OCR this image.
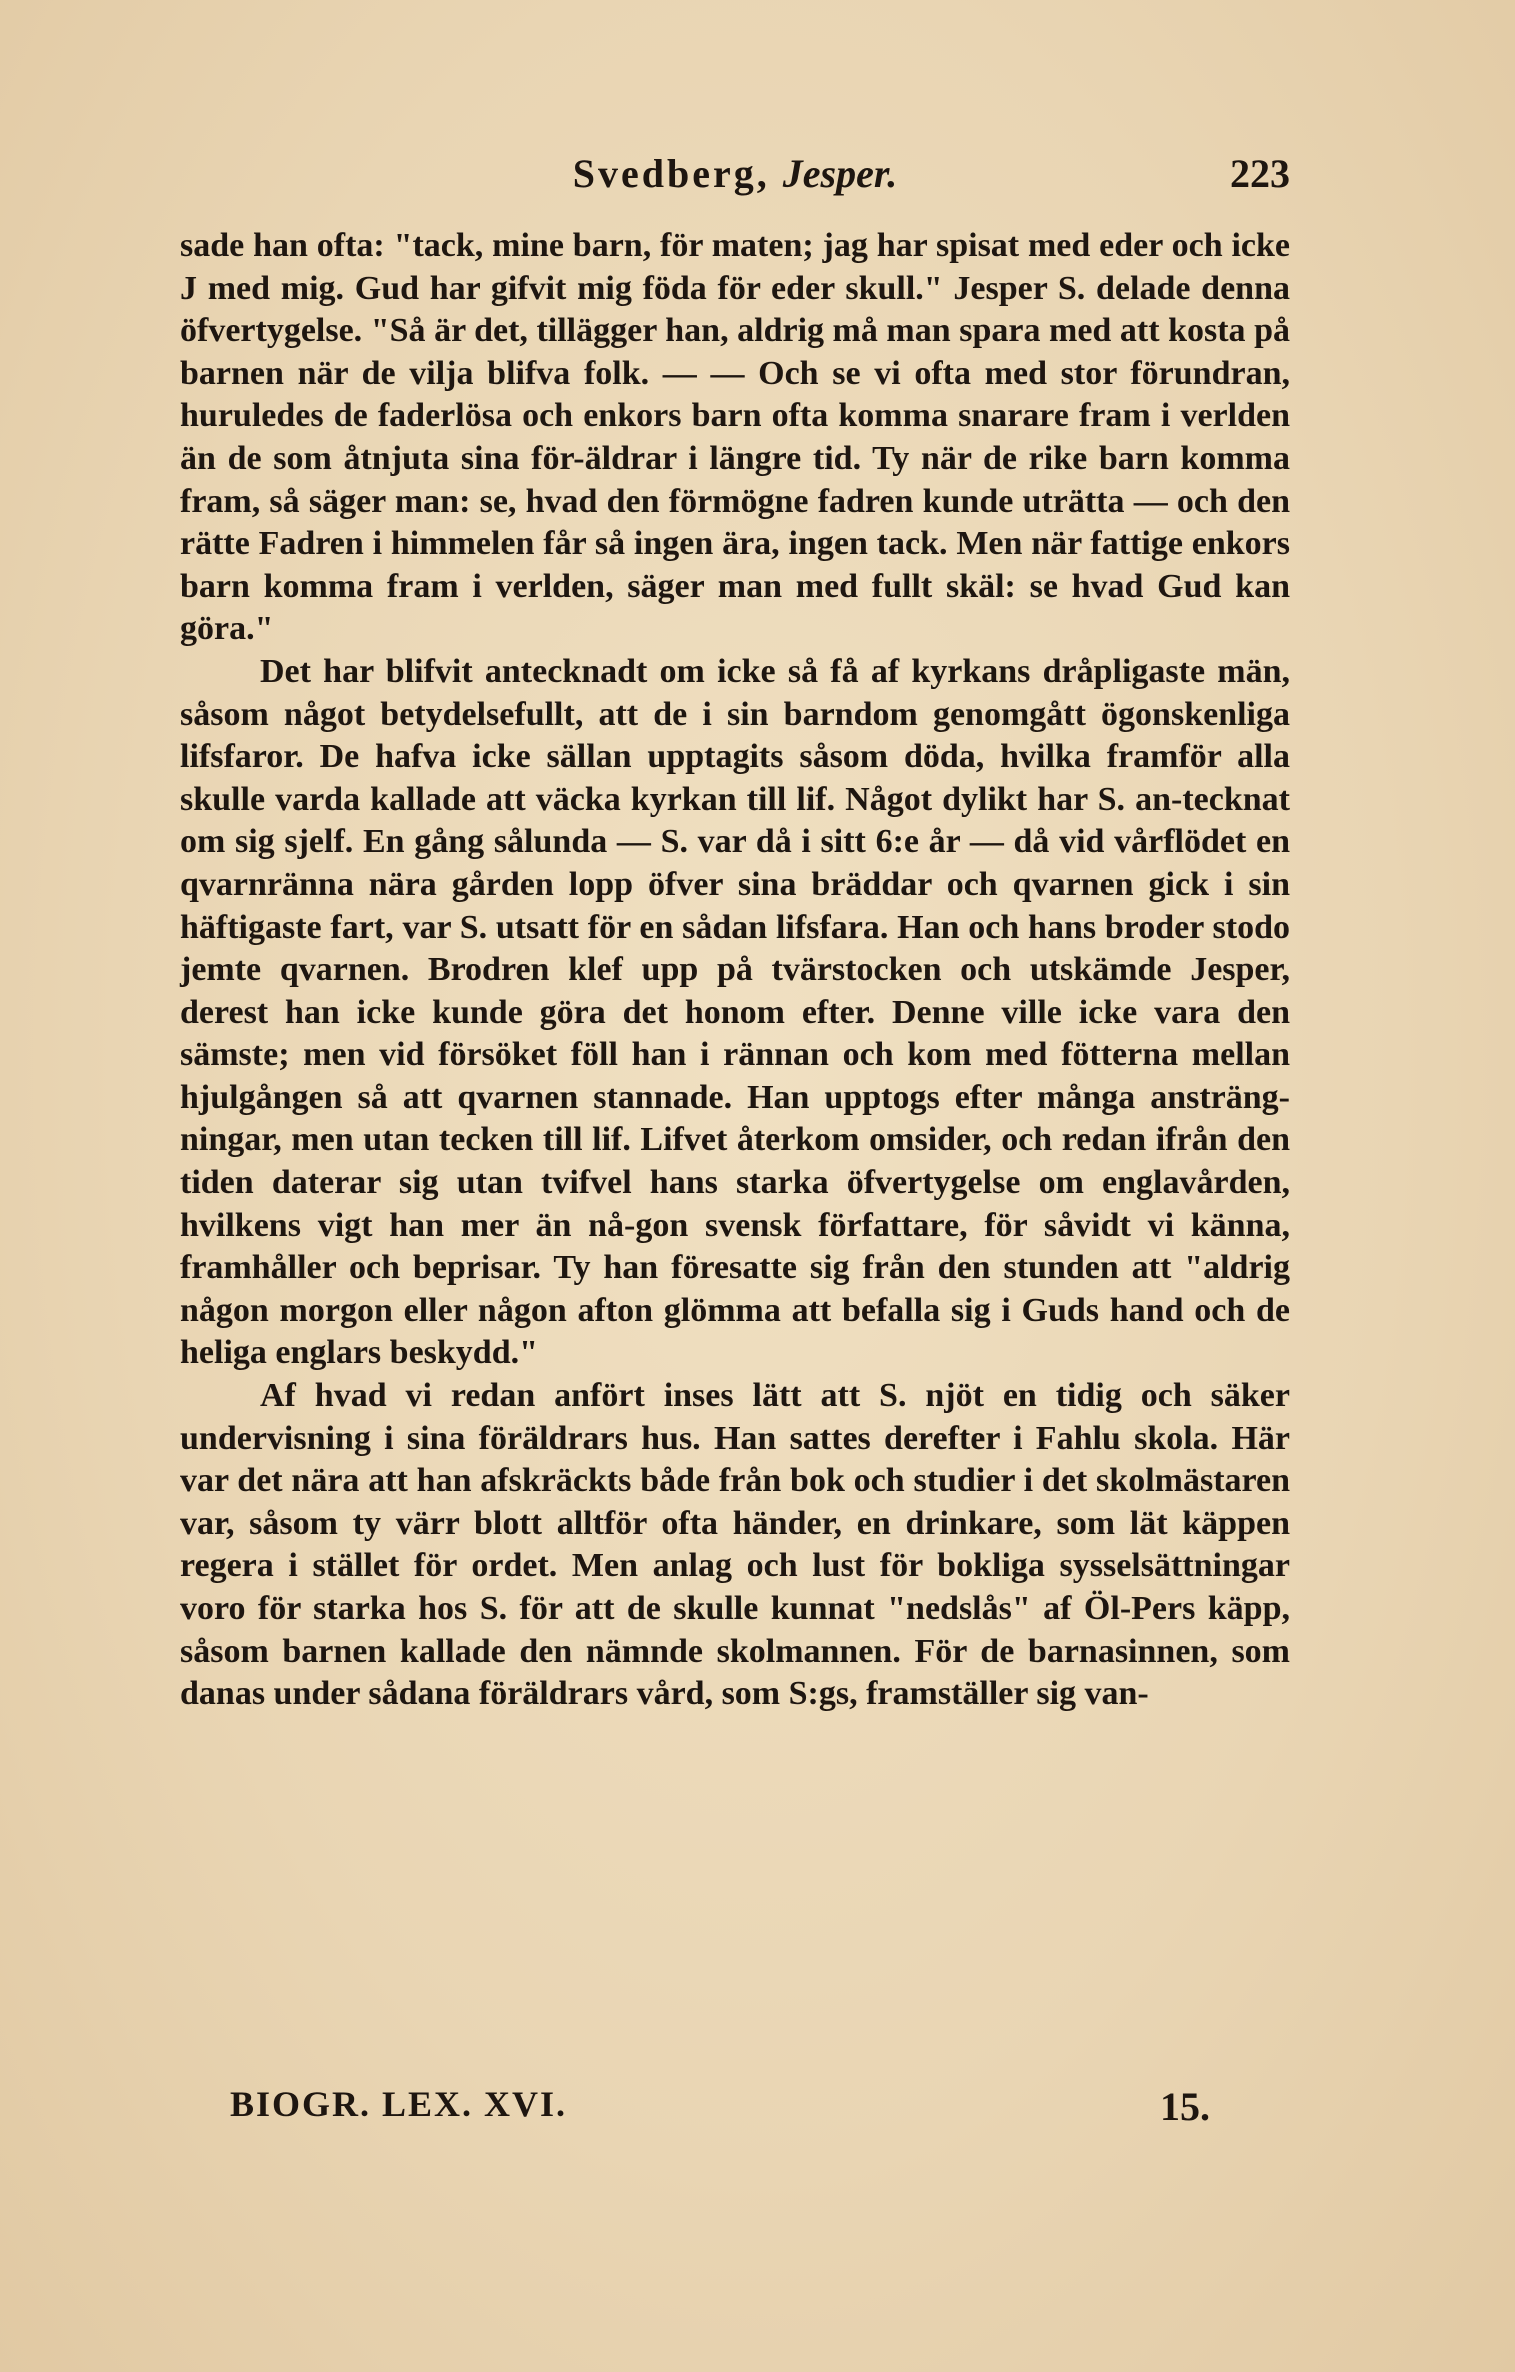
Svedberg, Jesper.	223

sade han ofta: "tack, mine barn, för maten; jag har spisat med eder och icke J med mig. Gud har gifvit mig föda för eder skull." Jesper S. delade denna öfvertygelse. "Så är det, tillägger han, aldrig må man spara med att kosta på barnen när de vilja blifva folk. — — Och se vi ofta med stor förundran, huruledes de faderlösa och enkors barn ofta komma snarare fram i verlden än de som åtnjuta sina för-äldrar i längre tid. Ty när de rike barn komma fram, så säger man: se, hvad den förmögne fadren kunde uträtta — och den rätte Fadren i himmelen får så ingen ära, ingen tack. Men när fattige enkors barn komma fram i verlden, säger man med fullt skäl: se hvad Gud kan göra."

Det har blifvit antecknadt om icke så få af kyrkans dråpligaste män, såsom något betydelsefullt, att de i sin barndom genomgått ögonskenliga lifsfaror. De hafva icke sällan upptagits såsom döda, hvilka framför alla skulle varda kallade att väcka kyrkan till lif. Något dylikt har S. an-tecknat om sig sjelf. En gång sålunda — S. var då i sitt 6:e år — då vid vårflödet en qvarnränna nära gården lopp öfver sina bräddar och qvarnen gick i sin häftigaste fart, var S. utsatt för en sådan lifsfara. Han och hans broder stodo jemte qvarnen. Brodren klef upp på tvärstocken och utskämde Jesper, derest han icke kunde göra det honom efter. Denne ville icke vara den sämste; men vid försöket föll han i rännan och kom med fötterna mellan hjulgången så att qvarnen stannade. Han upptogs efter många ansträng-ningar, men utan tecken till lif. Lifvet återkom omsider, och redan ifrån den tiden daterar sig utan tvifvel hans starka öfvertygelse om englavården, hvilkens vigt han mer än nå-gon svensk författare, för såvidt vi känna, framhåller och beprisar. Ty han föresatte sig från den stunden att "aldrig någon morgon eller någon afton glömma att befalla sig i Guds hand och de heliga englars beskydd."

Af hvad vi redan anfört inses lätt att S. njöt en tidig och säker undervisning i sina föräldrars hus. Han sattes derefter i Fahlu skola. Här var det nära att han afskräckts både från bok och studier i det skolmästaren var, såsom ty värr blott alltför ofta händer, en drinkare, som lät käppen regera i stället för ordet. Men anlag och lust för bokliga sysselsättningar voro för starka hos S. för att de skulle kunnat "nedslås" af Öl-Pers käpp, såsom barnen kallade den nämnde skolmannen. För de barnasinnen, som danas under sådana föräldrars vård, som S:gs, framställer sig van-

BIOGR. LEX. XVI.	15.
